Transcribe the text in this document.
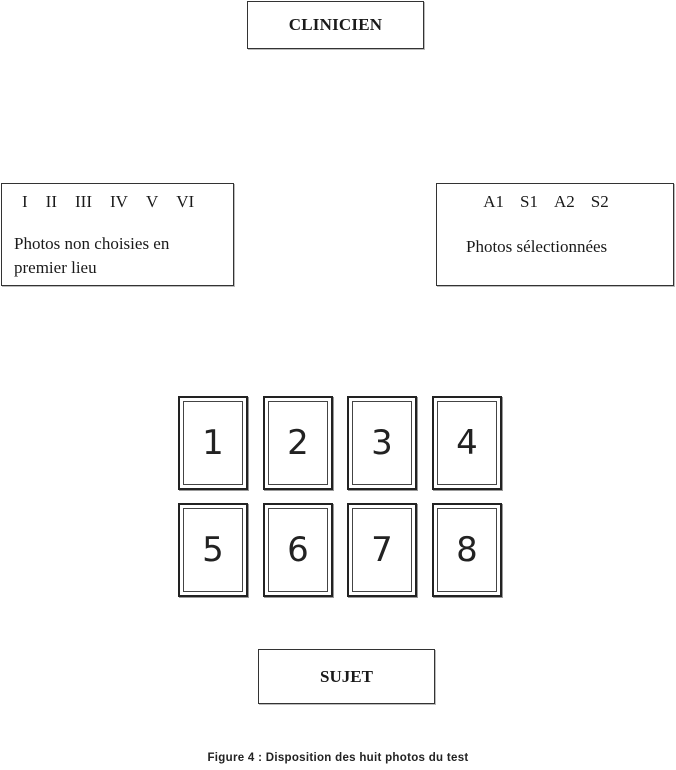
CLINICIEN
I II III IV V VI
Photos non choisies en premier lieu
A1 S1 A2 S2
Photos sélectionnées
1	2	3	4
5	6	7	8
SUJET
Figure 4 : Disposition des huit photos du test
